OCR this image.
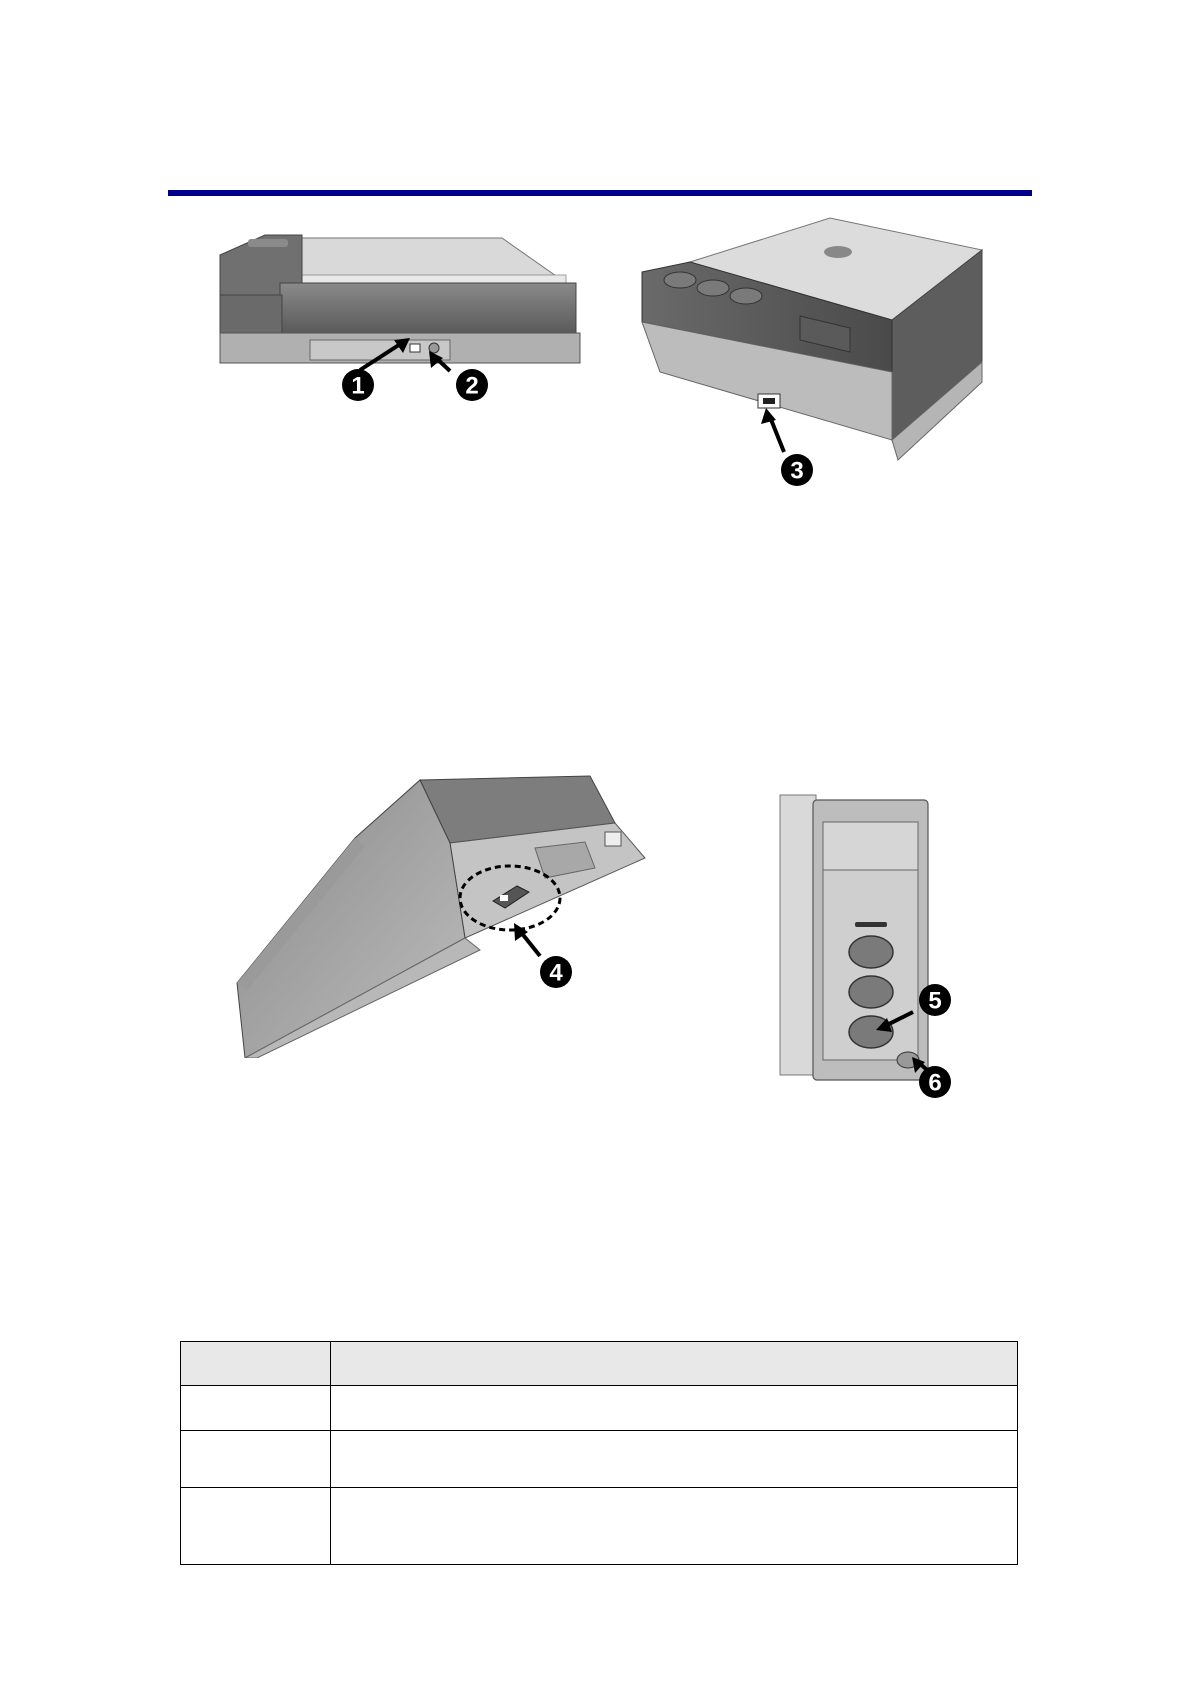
1	2
3
4
5
6
